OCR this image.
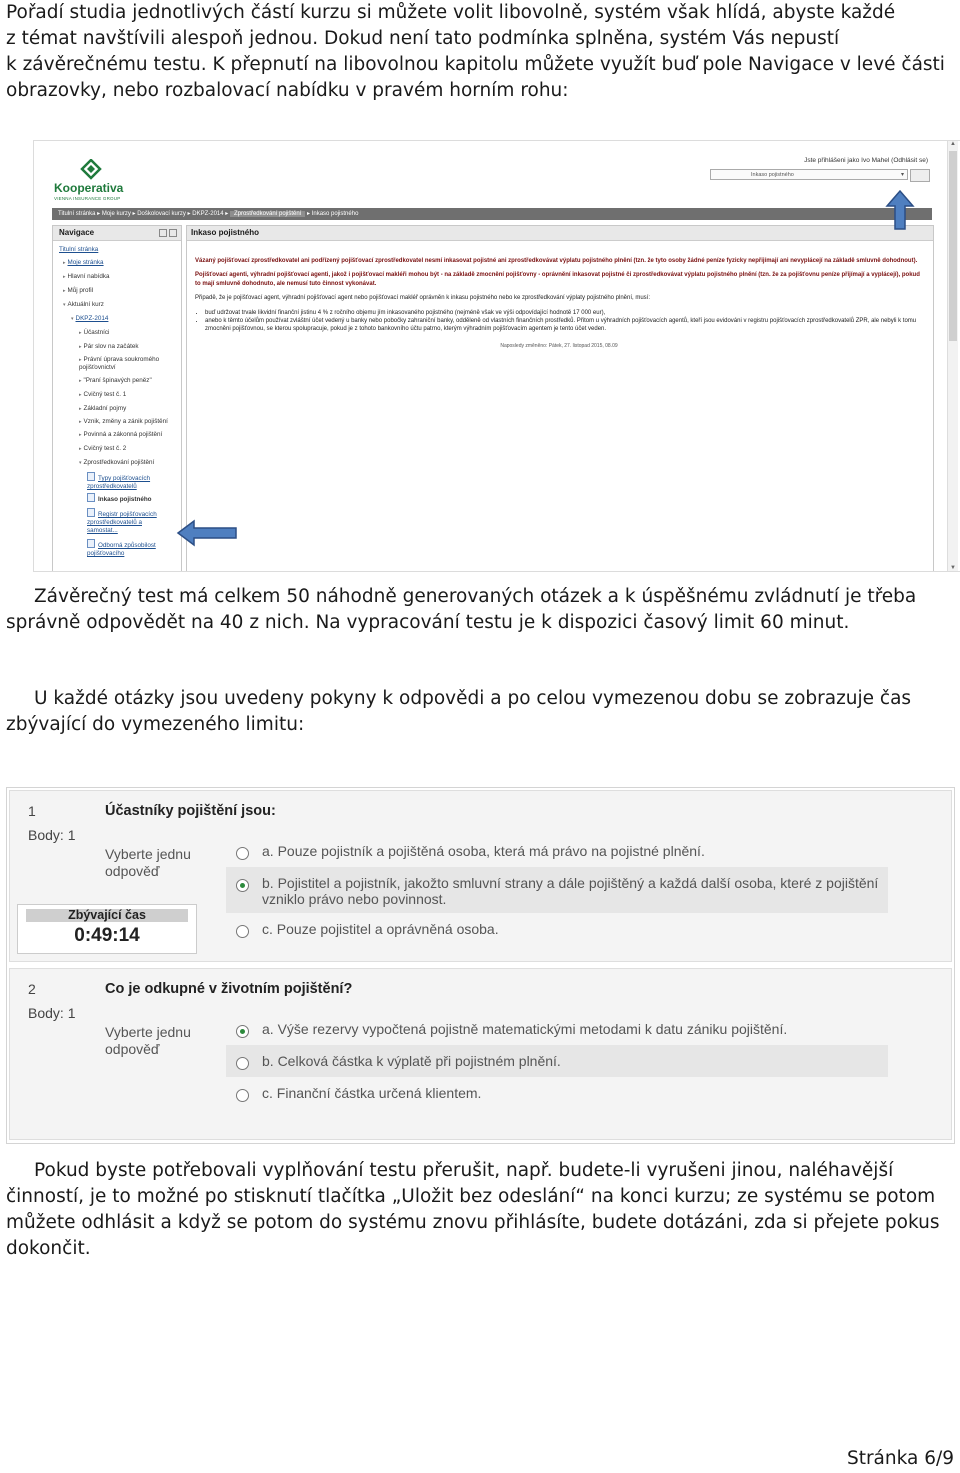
Pořadí studia jednotlivých částí kurzu si můžete volit libovolně, systém však hlídá, abyste každé
z témat navštívili alespoň jednou. Dokud není tato podmínka splněna, systém Vás nepustí
k závěrečnému testu. K přepnutí na libovolnou kapitolu můžete využít buď pole Navigace v levé části
obrazovky, nebo rozbalovací nabídku v pravém horním rohu:
Kooperativa
VIENNA INSURANCE GROUP
Jste přihlášeni jako Ivo Mahel (Odhlásit se)
Inkaso pojistného	▾
Titulní stránka ▸ Moje kurzy ▸ Doškolovací kurzy ▸ DKPZ-2014 ▸ Zprostředkování pojištění ▸ Inkaso pojistného
Navigace
Titulní stránka
▸ Moje stránka
▸ Hlavní nabídka
▸ Můj profil
▾ Aktuální kurz
▾ DKPZ-2014
▸ Účastníci
▸ Pár slov na začátek
▸ Právní úprava soukromého pojišťovnictví
▸ "Praní špinavých peněz"
▸ Cvičný test č. 1
▸ Základní pojmy
▸ Vznik, změny a zánik pojištění
▸ Povinná a zákonná pojištění
▸ Cvičný test č. 2
▾ Zprostředkování pojištění
Typy pojišťovacích zprostředkovatelů
Inkaso pojistného
Registr pojišťovacích zprostředkovatelů a samostat...
Odborná způsobilost pojišťovacího
Inkaso pojistného

Vázaný pojišťovací zprostředkovatel ani podřízený pojišťovací zprostředkovatel nesmí inkasovat pojistné ani zprostředkovávat výplatu pojistného plnění (tzn. že tyto osoby žádné peníze fyzicky nepřijímají ani nevyplácejí na základě smluvně dohodnout).

Pojišťovací agenti, výhradní pojišťovací agenti, jakož i pojišťovací makléři mohou být - na základě zmocnění pojišťovny - oprávnění inkasovat pojistné či zprostředkovávat výplatu pojistného plnění (tzn. že za pojišťovnu peníze přijímají a vyplácejí), pokud to mají smluvně dohodnuto, ale nemusí tuto činnost vykonávat.

Připadě, že je pojišťovací agent, výhradní pojišťovací agent nebo pojišťovací makléř oprávněn k inkasu pojistného nebo ke zprostředkování výplaty pojistného plnění, musí:

• buď udržovat trvale likvidní finanční jistinu 4 % z ročního objemu jím inkasovaného pojistného (nejméně však ve výši odpovídající hodnotě 17 000 eur),
• anebo k těmto účelům používat zvláštní účet vedený u banky nebo pobočky zahraniční banky, odděleně od vlastních finančních prostředků. Přitom u výhradních pojišťovacích agentů, kteří jsou evidováni v registru pojišťovacích zprostředkovatelů ZPR, ale nebyli k tomu zmocněni pojišťovnou, se kterou spolupracuje, pokud je z tohoto bankovního účtu patrno, kterým výhradním pojišťovacím agentem je tento účet veden.
Naposledy změněno: Pátek, 27. listopad 2015, 08.09
▲
▼
Závěrečný test má celkem 50 náhodně generovaných otázek a k úspěšnému zvládnutí je třeba
správně odpovědět na 40 z nich. Na vypracování testu je k dispozici časový limit 60 minut.
U každé otázky jsou uvedeny pokyny k odpovědi a po celou vymezenou dobu se zobrazuje čas
zbývající do vymezeného limitu:
1
Body: 1
Vyberte jednu odpověď
Účastníky pojištění jsou:
a. Pouze pojistník a pojištěná osoba, která má právo na pojistné plnění.
b. Pojistitel a pojistník, jakožto smluvní strany a dále pojištěný a každá další osoba, které z pojištění vzniklo právo nebo povinnost.
c. Pouze pojistitel a oprávněná osoba.
Zbývající čas
0:49:14
2
Body: 1
Vyberte jednu odpověď
Co je odkupné v životním pojištění?
a. Výše rezervy vypočtená pojistně matematickými metodami k datu zániku pojištění.
b. Celková částka k výplatě při pojistném plnění.
c. Finanční částka určená klientem.
Pokud byste potřebovali vyplňování testu přerušit, např. budete-li vyrušeni jinou, naléhavější
činností, je to možné po stisknutí tlačítka „Uložit bez odeslání“ na konci kurzu; ze systému se potom
můžete odhlásit a když se potom do systému znovu přihlásíte, budete dotázáni, zda si přejete pokus
dokončit.
Stránka 6/9
